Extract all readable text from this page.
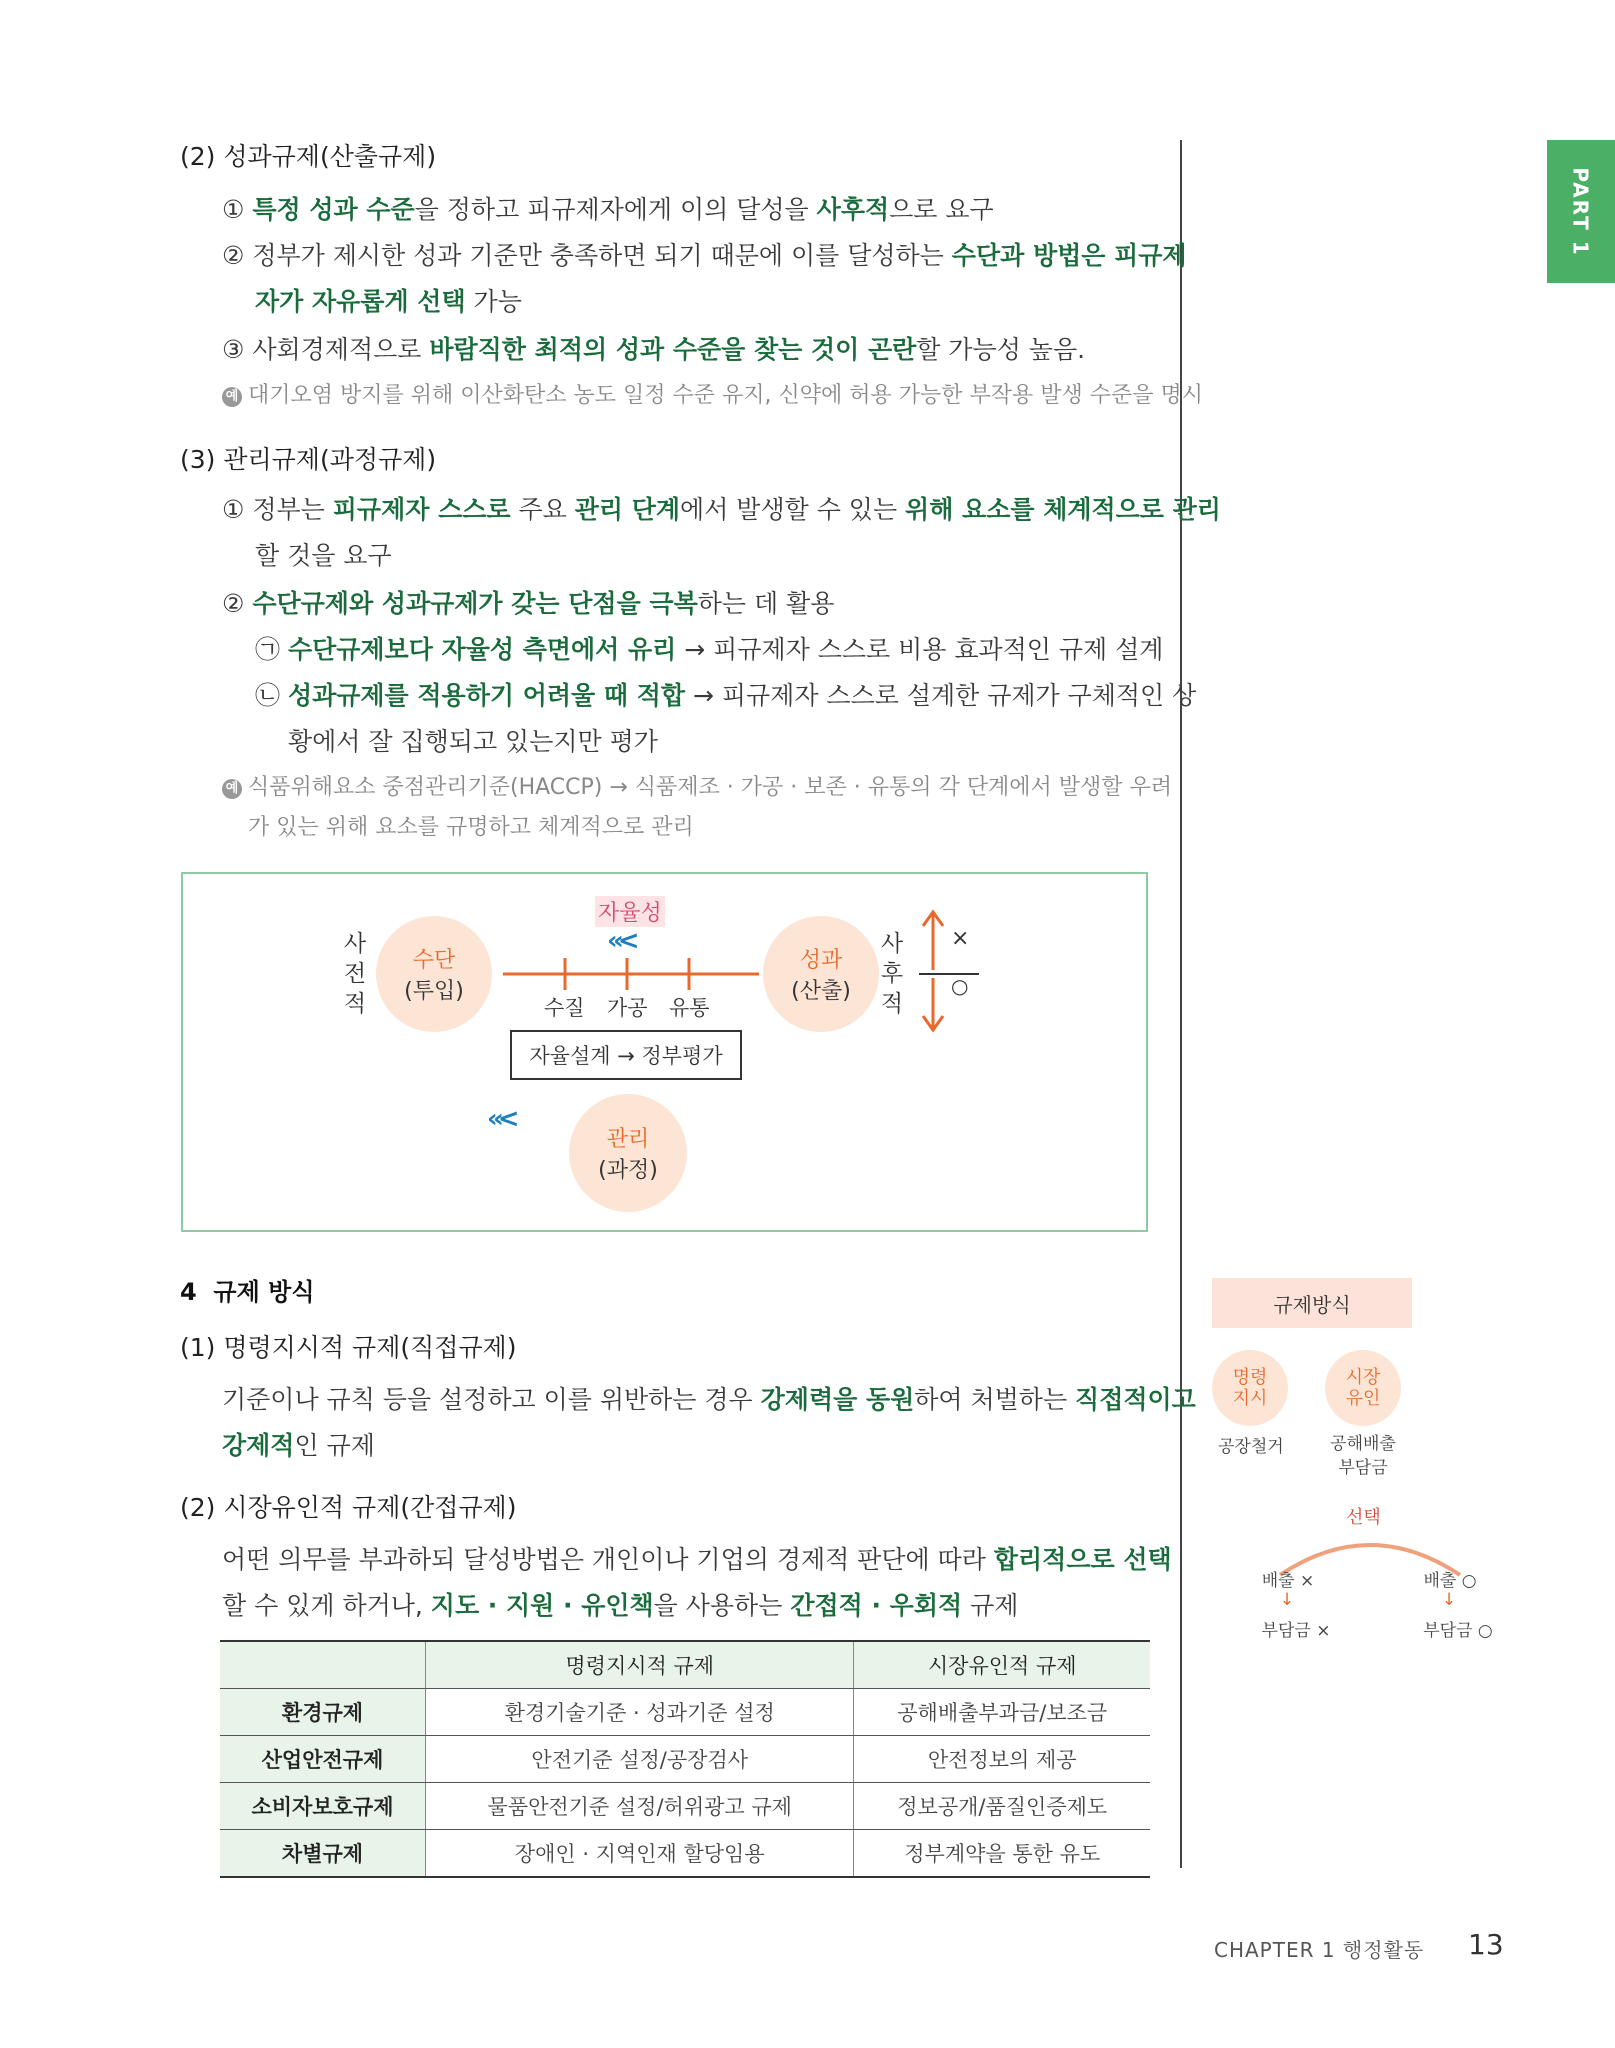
PART 1
(2) 성과규제(산출규제)
① 특정 성과 수준을 정하고 피규제자에게 이의 달성을 사후적으로 요구
② 정부가 제시한 성과 기준만 충족하면 되기 때문에 이를 달성하는 수단과 방법은 피규제
자가 자유롭게 선택 가능
③ 사회경제적으로 바람직한 최적의 성과 수준을 찾는 것이 곤란할 가능성 높음.
예 대기오염 방지를 위해 이산화탄소 농도 일정 수준 유지, 신약에 허용 가능한 부작용 발생 수준을 명시
(3) 관리규제(과정규제)
① 정부는 피규제자 스스로 주요 관리 단계에서 발생할 수 있는 위해 요소를 체계적으로 관리
할 것을 요구
② 수단규제와 성과규제가 갖는 단점을 극복하는 데 활용
㉠ 수단규제보다 자율성 측면에서 유리 → 피규제자 스스로 비용 효과적인 규제 설계
㉡ 성과규제를 적용하기 어려울 때 적합 → 피규제자 스스로 설계한 규제가 구체적인 상
황에서 잘 집행되고 있는지만 평가
예 식품위해요소 중점관리기준(HACCP) → 식품제조 · 가공 · 보존 · 유통의 각 단계에서 발생할 우려
가 있는 위해 요소를 규명하고 체계적으로 관리
사
전
적
수단
(투입)
자율성
«<
수질 가공 유통
자율설계 → 정부평가
성과
(산출)
사
후
적
×
○
«<
관리
(과정)
4 규제 방식
(1) 명령지시적 규제(직접규제)
기준이나 규칙 등을 설정하고 이를 위반하는 경우 강제력을 동원하여 처벌하는 직접적이고
강제적인 규제
(2) 시장유인적 규제(간접규제)
어떤 의무를 부과하되 달성방법은 개인이나 기업의 경제적 판단에 따라 합리적으로 선택
할 수 있게 하거나, 지도 · 지원 · 유인책을 사용하는 간접적 · 우회적 규제
	명령지시적 규제	시장유인적 규제
환경규제	환경기술기준 · 성과기준 설정	공해배출부과금/보조금
산업안전규제	안전기준 설정/공장검사	안전정보의 제공
소비자보호규제	물품안전기준 설정/허위광고 규제	정보공개/품질인증제도
차별규제	장애인 · 지역인재 할당임용	정부계약을 통한 유도
규제방식
명령
지시
시장
유인
공장철거	공해배출
부담금
선택
배출 ×
↓
부담금 ×
배출 ○
↓
부담금 ○
CHAPTER 1 행정활동 13
